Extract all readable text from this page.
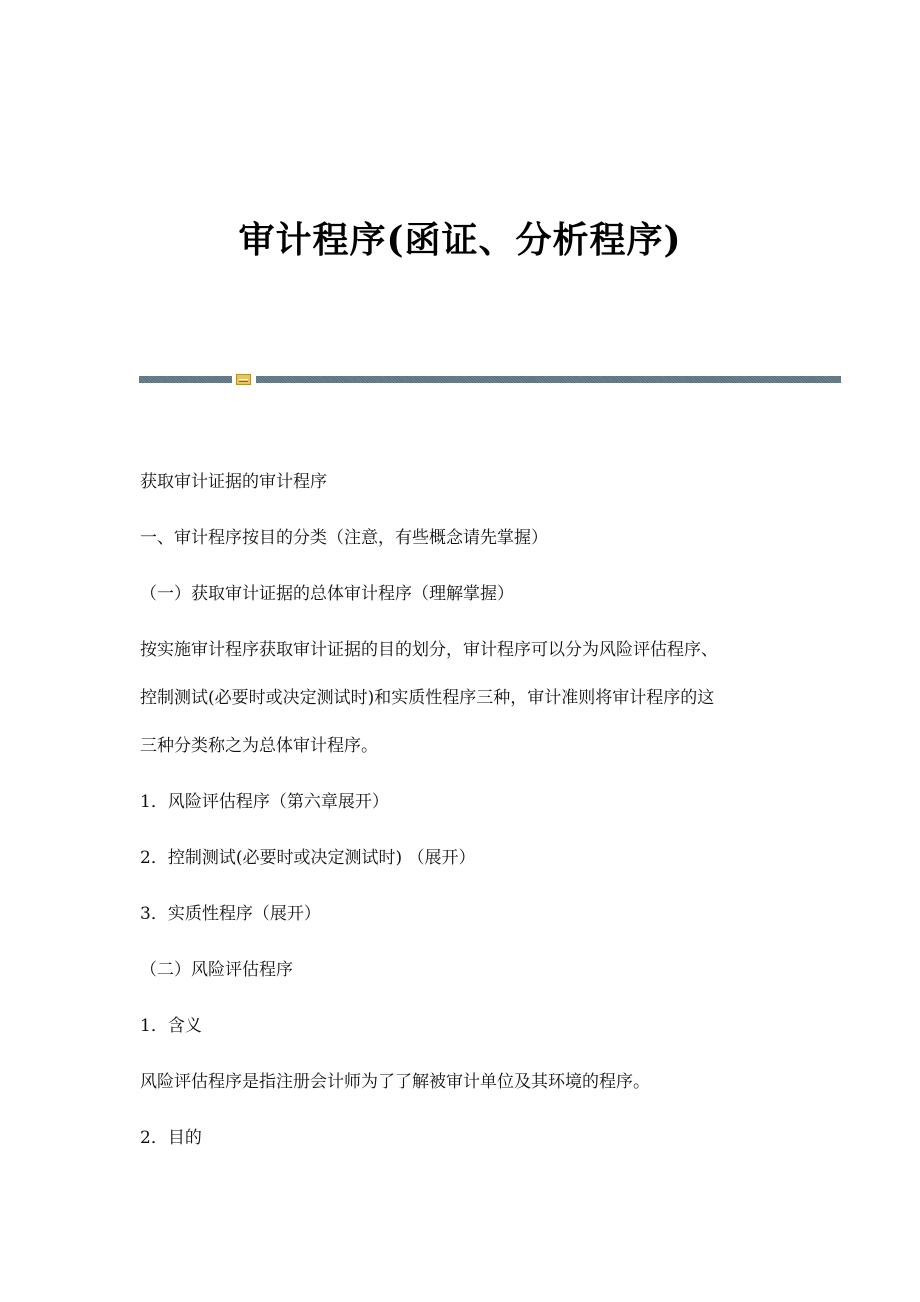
审计程序(函证、分析程序)
获取审计证据的审计程序
一、审计程序按目的分类（注意，有些概念请先掌握）
（一）获取审计证据的总体审计程序（理解掌握）
按实施审计程序获取审计证据的目的划分，审计程序可以分为风险评估程序、
控制测试(必要时或决定测试时)和实质性程序三种，审计准则将审计程序的这
三种分类称之为总体审计程序。
1．风险评估程序（第六章展开）
2．控制测试(必要时或决定测试时) （展开）
3．实质性程序（展开）
（二）风险评估程序
1．含义
风险评估程序是指注册会计师为了了解被审计单位及其环境的程序。
2．目的
